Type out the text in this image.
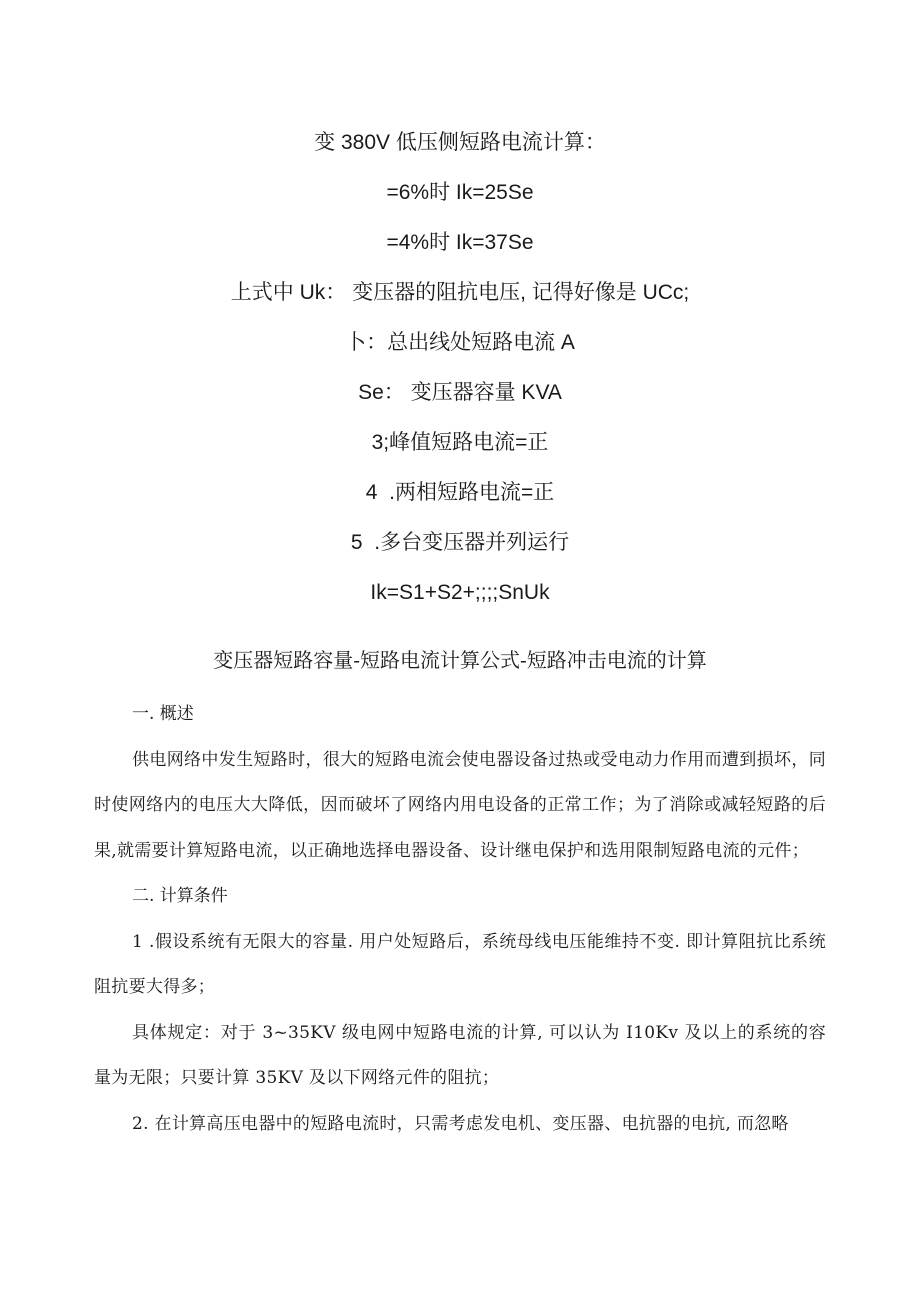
变 380V 低压侧短路电流计算：
=6%时 Ik=25Se
=4%时 Ik=37Se
上式中 Uk： 变压器的阻抗电压, 记得好像是 UCc;
卜：总出线处短路电流 A
Se： 变压器容量 KVA
3;峰值短路电流=正
4  .两相短路电流=正
5  .多台变压器并列运行
Ik=S1+S2+;;;;SnUk
变压器短路容量-短路电流计算公式-短路冲击电流的计算

一. 概述

供电网络中发生短路时，很大的短路电流会使电器设备过热或受电动力作用而遭到损坏，同时使网络内的电压大大降低，因而破坏了网络内用电设备的正常工作；为了消除或减轻短路的后果,就需要计算短路电流，以正确地选择电器设备、设计继电保护和选用限制短路电流的元件；

二. 计算条件

1 .假设系统有无限大的容量. 用户处短路后，系统母线电压能维持不变. 即计算阻抗比系统阻抗要大得多；

具体规定：对于 3~35KV 级电网中短路电流的计算, 可以认为 I10Kv 及以上的系统的容量为无限；只要计算 35KV 及以下网络元件的阻抗；

2. 在计算高压电器中的短路电流时，只需考虑发电机、变压器、电抗器的电抗, 而忽略
